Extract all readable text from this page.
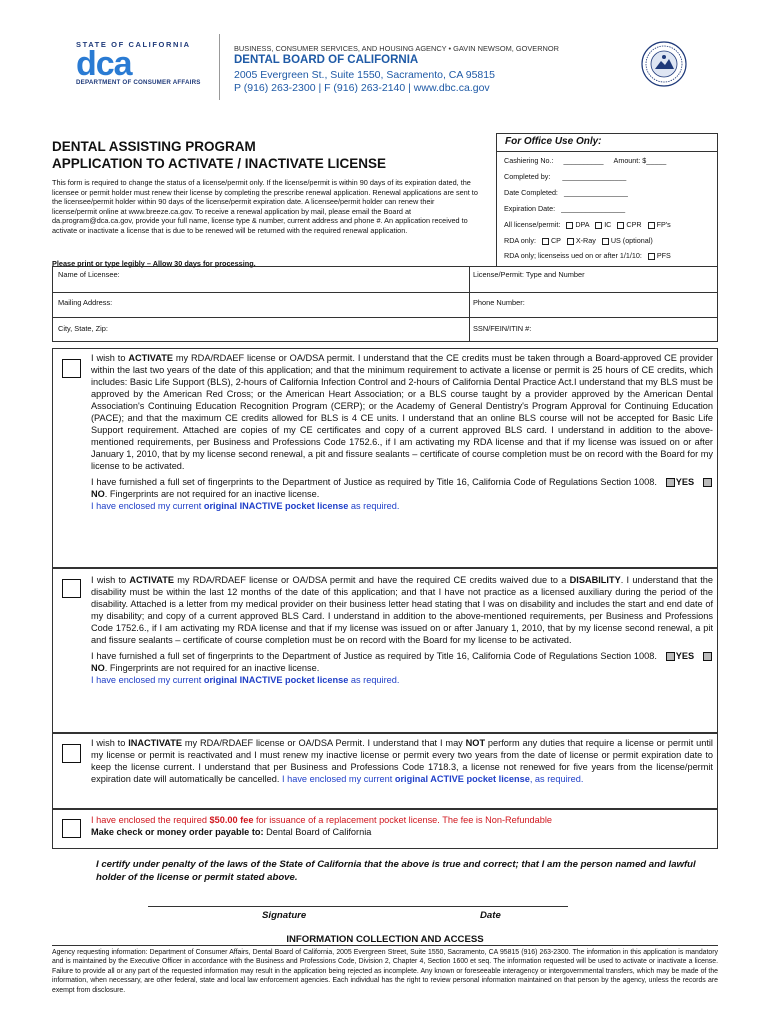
STATE OF CALIFORNIA
dca
DEPARTMENT OF CONSUMER AFFAIRS
BUSINESS, CONSUMER SERVICES, AND HOUSING AGENCY • GAVIN NEWSOM, GOVERNOR
DENTAL BOARD OF CALIFORNIA
2005 Evergreen St., Suite 1550, Sacramento, CA 95815
P (916) 263-2300 | F (916) 263-2140 | www.dbc.ca.gov
DENTAL ASSISTING PROGRAM
APPLICATION TO ACTIVATE / INACTIVATE LICENSE
This form is required to change the status of a license/permit only. If the license/permit is within 90 days of its expiration dated, the licensee or permit holder must renew their license by completing the prescribe renewal application. Renewal applications are sent to the licensee/permit holder within 90 days of the license/permit expiration date. A licensee/permit holder can renew their license/permit online at www.breeze.ca.gov. To receive a renewal application by mail, please email the Board at da.program@dca.ca.gov, provide your full name, license type & number, current address and phone #. An application received to activate or inactivate a license that is due to be renewed will be returned with the required renewal application.
Please print or type legibly – Allow 30 days for processing.
For Office Use Only:
Cashiering No.: __________ Amount: $_____
Completed by: ________________
Date Completed: ________________
Expiration Date: ________________
All license/permit: DPA IC CPR FP's
RDA only: CP X-Ray US (optional)
RDA only; licenseiss ued on or after 1/1/10: PFS
Name of Licensee:	License/Permit: Type and Number
Mailing Address:	Phone Number:
City, State, Zip:	SSN/FEIN/ITIN #:

I wish to ACTIVATE my RDA/RDAEF license or OA/DSA permit. I understand that the CE credits must be taken through a Board-approved CE provider within the last two years of the date of this application; and that the minimum requirement to activate a license or permit is 25 hours of CE credits, which includes: Basic Life Support (BLS), 2-hours of California Infection Control and 2-hours of California Dental Practice Act.I understand that my BLS must be approved by the American Red Cross; or the American Heart Association; or a BLS course taught by a provider approved by the American Dental Association's Continuing Education Recognition Program (CERP); or the Academy of General Dentistry's Program Approval for Continuing Education (PACE); and that the maximum CE credits allowed for BLS is 4 CE units. I understand that an online BLS course will not be accepted for Basic Life Support requirement. Attached are copies of my CE certificates and copy of a current approved BLS card. I understand in addition to the above-mentioned requirements, per Business and Professions Code 1752.6., if I am activating my RDA license and that if my license was issued on or after January 1, 2010, that by my license second renewal, a pit and fissure sealants – certificate of course completion must be on record with the Board for my license to be activated.

I have furnished a full set of fingerprints to the Department of Justice as required by Title 16, California Code of Regulations Section 1008. YES NO. Fingerprints are not required for an inactive license.
I have enclosed my current original INACTIVE pocket license as required.

I wish to ACTIVATE my RDA/RDAEF license or OA/DSA permit and have the required CE credits waived due to a DISABILITY. I understand that the disability must be within the last 12 months of the date of this application; and that I have not practice as a licensed auxiliary during the period of the disability. Attached is a letter from my medical provider on their business letter head stating that I was on disability and includes the start and end date of my disability; and copy of a current approved BLS Card. I understand in addition to the above-mentioned requirements, per Business and Professions Code 1752.6., if I am activating my RDA license and that if my license was issued on or after January 1, 2010, that by my license second renewal, a pit and fissure sealants – certificate of course completion must be on record with the Board for my license to be activated.

I have furnished a full set of fingerprints to the Department of Justice as required by Title 16, California Code of Regulations Section 1008. YES NO. Fingerprints are not required for an inactive license.
I have enclosed my current original INACTIVE pocket license as required.

I wish to INACTIVATE my RDA/RDAEF license or OA/DSA Permit. I understand that I may NOT perform any duties that require a license or permit until my license or permit is reactivated and I must renew my inactive license or permit every two years from the date of license or permit expiration date to keep the license current. I understand that per Business and Professions Code 1718.3, a license not renewed for five years from the license/permit expiration date will automatically be cancelled. I have enclosed my current original ACTIVE pocket license, as required.

I have enclosed the required $50.00 fee for issuance of a replacement pocket license. The fee is Non-Refundable
Make check or money order payable to: Dental Board of California
I certify under penalty of the laws of the State of California that the above is true and correct; that I am the person named and lawful holder of the license or permit stated above.
Signature	Date
INFORMATION COLLECTION AND ACCESS
Agency requesting information: Department of Consumer Affairs, Dental Board of California, 2005 Evergreen Street, Suite 1550, Sacramento, CA 95815 (916) 263-2300. The information in this application is mandatory and is maintained by the Executive Officer in accordance with the Business and Professions Code, Division 2, Chapter 4, Section 1600 et seq. The information requested will be used to activate or inactivate a license. Failure to provide all or any part of the requested information may result in the application being rejected as incomplete. Any known or foreseeable interagency or intergovernmental transfers, which may be made of the information, when necessary, are other federal, state and local law enforcement agencies. Each individual has the right to review personal information maintained on that person by the agency, unless the records are exempt from disclosure.
